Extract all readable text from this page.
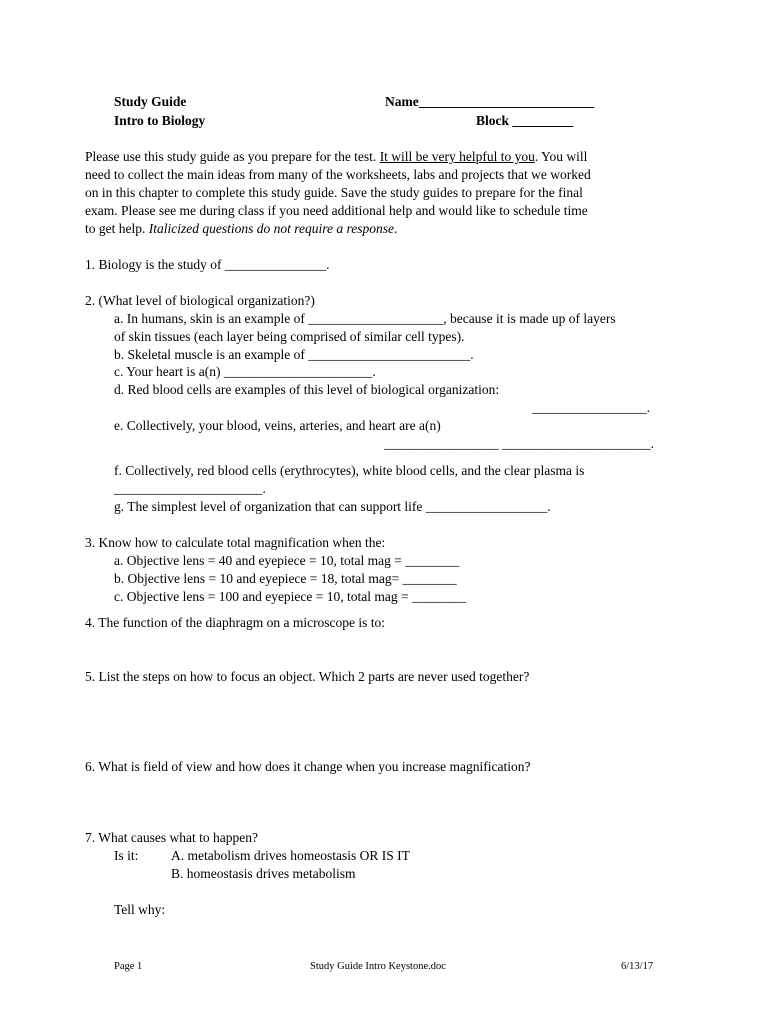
Study Guide
Intro to Biology
Name__________________________
Block _________
Please use this study guide as you prepare for the test. It will be very helpful to you. You will
need to collect the main ideas from many of the worksheets, labs and projects that we worked
on in this chapter to complete this study guide. Save the study guides to prepare for the final
exam. Please see me during class if you need additional help and would like to schedule time
to get help. Italicized questions do not require a response.
1. Biology is the study of _______________.
2. (What level of biological organization?)
a. In humans, skin is an example of ____________________, because it is made up of layers
of skin tissues (each layer being comprised of similar cell types).
b. Skeletal muscle is an example of ________________________.
c. Your heart is a(n) ______________________.
d. Red blood cells are examples of this level of biological organization:
_________________.
e. Collectively, your blood, veins, arteries, and heart are a(n)
_________________ ______________________.
f. Collectively, red blood cells (erythrocytes), white blood cells, and the clear plasma is
______________________.
g. The simplest level of organization that can support life __________________.
3. Know how to calculate total magnification when the:
a. Objective lens = 40 and eyepiece = 10, total mag = ________
b. Objective lens = 10 and eyepiece = 18, total mag= ________
c. Objective lens = 100 and eyepiece = 10, total mag = ________
4. The function of the diaphragm on a microscope is to:
5. List the steps on how to focus an object. Which 2 parts are never used together?
6. What is field of view and how does it change when you increase magnification?
7. What causes what to happen?
Is it: A. metabolism drives homeostasis OR IS IT
B. homeostasis drives metabolism
Tell why:
Page 1	Study Guide Intro Keystone.doc	6/13/17
